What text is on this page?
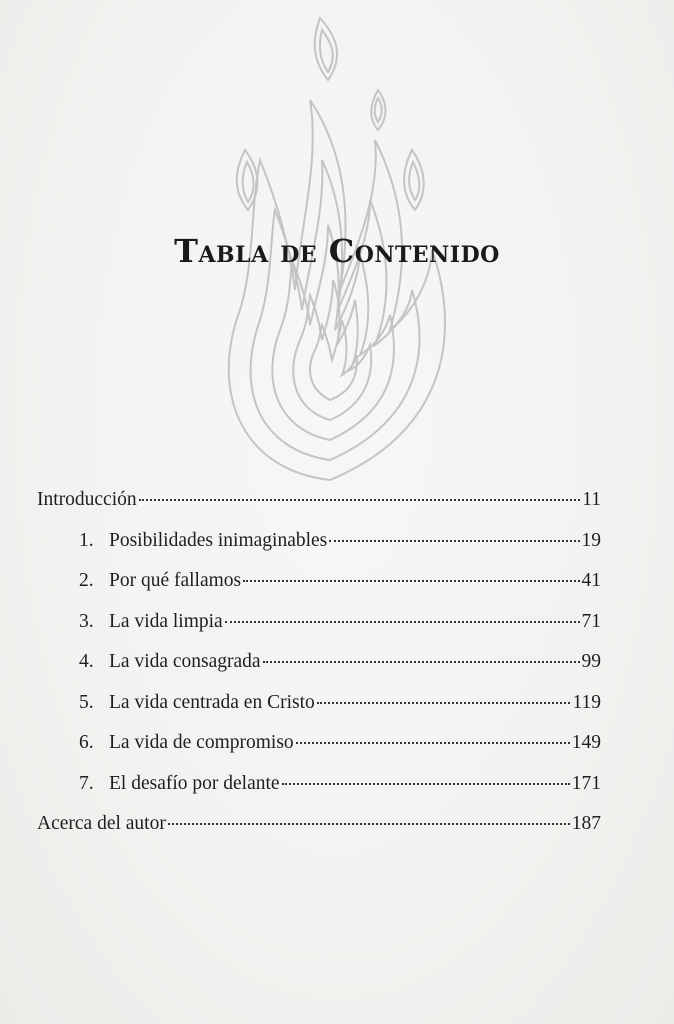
Tabla de Contenido
Introducción	11
1. Posibilidades inimaginables	19
2. Por qué fallamos	41
3. La vida limpia	71
4. La vida consagrada	99
5. La vida centrada en Cristo	119
6. La vida de compromiso	149
7. El desafío por delante	171
Acerca del autor	187
